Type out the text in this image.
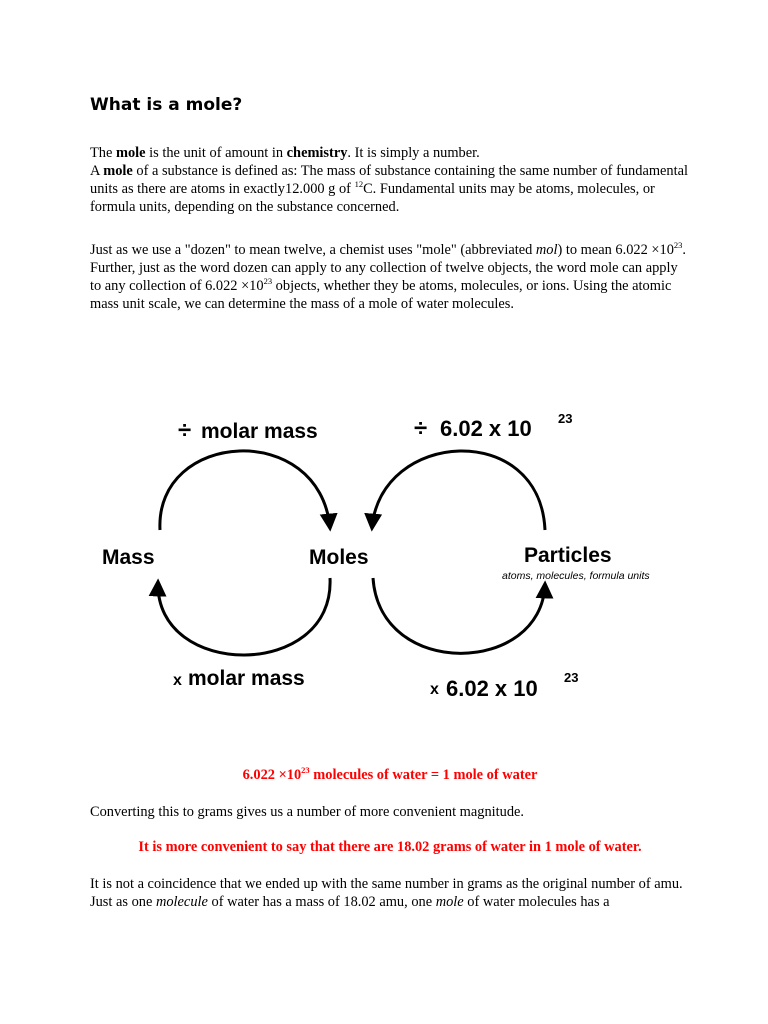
What is a mole?
The mole is the unit of amount in chemistry. It is simply a number.
A mole of a substance is defined as: The mass of substance containing the same number of fundamental units as there are atoms in exactly12.000 g of $^{12}$C. Fundamental units may be atoms, molecules, or formula units, depending on the substance concerned.
Just as we use a "dozen" to mean twelve, a chemist uses "mole" (abbreviated mol) to mean $6.022 \times 10^{23}$. Further, just as the word dozen can apply to any collection of twelve objects, the word mole can apply to any collection of $6.022 \times 10^{23}$ objects, whether they be atoms, molecules, or ions. Using the atomic mass unit scale, we can determine the mass of a mole of water molecules.
Mass	Moles	Particles
atoms, molecules, formula units
÷ molar mass	÷ 6.02 x 10 23
x molar mass	x 6.02 x 10 23
$6.022 \times 10^{23}$ molecules of water = 1 mole of water
Converting this to grams gives us a number of more convenient magnitude.
It is more convenient to say that there are 18.02 grams of water in 1 mole of water.
It is not a coincidence that we ended up with the same number in grams as the original number of amu. Just as one molecule of water has a mass of 18.02 amu, one mole of water molecules has a
